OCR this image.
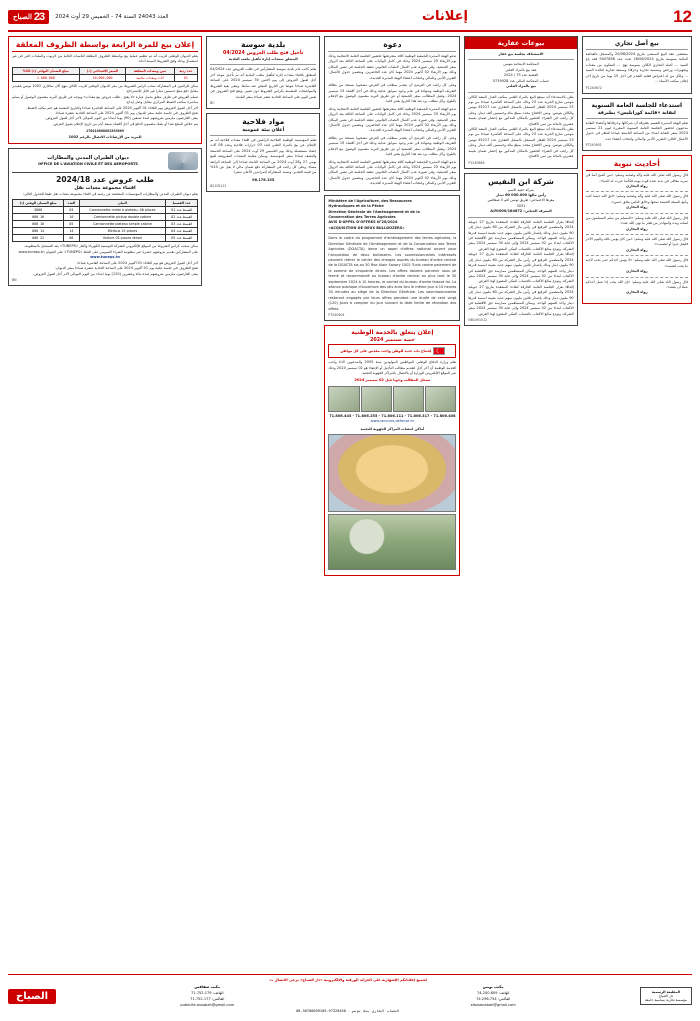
12
إعلانات
العدد 24043 السنة 74 - الخميس 29 أوت 2024
23
الصباح
بيع أصل تجاري
بمقتضى عقد البيع الممضى بتاريخ 20/08/2024 والمسجل بالقباضة المالية بسوسة بتاريخ 26/08/2024 تحت عدد 9007856 فقد باع السيد … أصله التجاري الكائن بسوسة نهج … المتكون من معدات وتجهيزات ورخص وتسمية تجارية وحرفاء وسمعة تجارية لفائدة السيد … ولكل من له اعتراض فعليه التقدم في أجل 15 يوما من تاريخ آخر إعلان بمكتب الأستاذ …
P1240672
استدعاء للجلسة العامة السنوية
لنقابة «قائمة كورابليس» بطبرقة
تعلم الهيئة المديرة للقسم بطبرقة أن شركائها وحرفاءها وأعضاء النقابة مدعوون لحضور الجلسة العامة السنوية المقررة ليوم 21 سبتمبر 2024 بمقر النقابة ابتداء من الساعة التاسعة صباحا للنظر في جدول الأعمال التالي: التقرير الأدبي والمالي وانتخاب أعضاء جدد.
PT240901
أحاديث نبوية
قال رسول الله صلى الله عليه وآله وصحبه وسلم: «من أصبح آمنا في سربه معافى في بدنه عنده قوت يومه فكأنما حيزت له الدنيا».
رواه البخاري
قال رسول الله صلى الله عليه وآله وصحبه وسلم: «اتق الله حيثما كنت وأتبع السيئة الحسنة تمحها وخالق الناس بخلق حسن».
رواه البخاري
قال رسول الله صلى الله عليه وسلم: «المسلم من سلم المسلمون من لسانه ويده والمهاجر من هجر ما نهى الله عنه».
رواه البخاري
قال رسول الله صلى الله عليه وسلم: «من كان يؤمن بالله واليوم الآخر فليقل خيرا أو ليصمت».
رواه البخاري
قال رسول الله صلى الله عليه وسلم: «لا يؤمن أحدكم حتى يحب لأخيه ما يحب لنفسه».
رواه البخاري
قال رسول الله صلى الله عليه وسلم: «إن الله يحب إذا عمل أحدكم عملا أن يتقنه».
رواه البخاري
بيوعات عقارية
الاستئناف بجلسة بيع عقار
المحكمة الابتدائية بتونس
عقد بيع بالمزاد العلني
القضية عدد 73 / 2024
حساب المحكمة المالي عدد 5739028
بيع بالمزاد العلني
يعلن بالاستدعاء أنه سيقع البيع بالمزاد العلني بمكتب العدل المنفذ الكائن بتونس شارع الحرية عدد 23 وذلك على الساعة العاشرة صباحا من يوم 23 سبتمبر 2024 للعقار المسجل بالسجل العقاري عدد 45217 تونس والكائن بتونس. وثمن الافتتاح محدد بمبلغ مائة وخمسين ألف دينار. وعلى كل راغب في الشراء الحضور بالمكان المذكور مع إحضار ضمان بقيمة عشرين بالمائة من ثمن الافتتاح.
يعلن بالاستدعاء أنه سيقع البيع بالمزاد العلني بمكتب العدل المنفذ الكائن بتونس شارع الحرية عدد 23 وذلك على الساعة العاشرة صباحا من يوم 23 سبتمبر 2024 للعقار المسجل بالسجل العقاري عدد 45217 تونس والكائن بتونس. وثمن الافتتاح محدد بمبلغ مائة وخمسين ألف دينار. وعلى كل راغب في الشراء الحضور بالمكان المذكور مع إحضار ضمان بقيمة عشرين بالمائة من ثمن الافتتاح.
P1240666
شركة ابن النفيس
شركة خفية الاسم
رأس مالها 000.000 60 دينار
مقرها الاجتماعي: طريق تونس كلم 4 صفاقس
3031
المعرف الجبائي: 184672/A/M/000
إلحاقا بقرار الجلسة العامة الخارقة للعادة المنعقدة بتاريخ 27 جويلية 2024 والمتضمن الترفيع في رأس مال الشركة من 60 مليون دينار إلى 90 مليون دينار وذلك بإصدار ثلاثين مليون سهم جديد بقيمة اسمية قدرها دينار واحد للسهم الواحد. ويمكن للمساهمين ممارسة حق الأفضلية في الاكتتاب ابتداء من 02 سبتمبر 2024 وإلى غاية 30 سبتمبر 2024 بمقر الشركة. وتودع مبالغ الاكتتاب بالحساب البنكي المفتوح لهذا الغرض.
إلحاقا بقرار الجلسة العامة الخارقة للعادة المنعقدة بتاريخ 27 جويلية 2024 والمتضمن الترفيع في رأس مال الشركة من 60 مليون دينار إلى 90 مليون دينار وذلك بإصدار ثلاثين مليون سهم جديد بقيمة اسمية قدرها دينار واحد للسهم الواحد. ويمكن للمساهمين ممارسة حق الأفضلية في الاكتتاب ابتداء من 02 سبتمبر 2024 وإلى غاية 30 سبتمبر 2024 بمقر الشركة. وتودع مبالغ الاكتتاب بالحساب البنكي المفتوح لهذا الغرض.
إلحاقا بقرار الجلسة العامة الخارقة للعادة المنعقدة بتاريخ 27 جويلية 2024 والمتضمن الترفيع في رأس مال الشركة من 60 مليون دينار إلى 90 مليون دينار وذلك بإصدار ثلاثين مليون سهم جديد بقيمة اسمية قدرها دينار واحد للسهم الواحد. ويمكن للمساهمين ممارسة حق الأفضلية في الاكتتاب ابتداء من 02 سبتمبر 2024 وإلى غاية 30 سبتمبر 2024 بمقر الشركة. وتودع مبالغ الاكتتاب بالحساب البنكي المفتوح لهذا الغرض.
NB1091012
دعوة
تدعو الهيئة المديرة للجمعية الوطنية كافة منخرطيها لحضور الجلسة العامة الانتخابية وذلك يوم الأربعاء 25 سبتمبر 2024 وذلك في كامل الولايات على الساعة الثالثة بعد الزوال بمقر الجمعية. وفي صورة عدم اكتمال النصاب القانوني تنعقد الجلسة في نفس المكان وذلك يوم الأربعاء 02 أكتوبر 2024 مهما كان عدد الحاضرين. ويتضمن جدول الأعمال: التقرير الأدبي والمالي وانتخاب أعضاء الهيئة المديرة الجديدة.
وعلى كل راغب في الترشح أن يتقدم بمطلب في الغرض مصحوبا بنسخة من بطاقة التعريف الوطنية وشهادة في عدم وجود سوابق عدلية وذلك في أجل أقصاه 15 سبتمبر 2024. وتقبل المطالب بمقر الجمعية أو عن طريق البريد مضمون الوصول مع الإعلام بالبلوغ. وكل مطلب يرد بعد هذا التاريخ يعتبر لاغيا.
تدعو الهيئة المديرة للجمعية الوطنية كافة منخرطيها لحضور الجلسة العامة الانتخابية وذلك يوم الأربعاء 25 سبتمبر 2024 وذلك في كامل الولايات على الساعة الثالثة بعد الزوال بمقر الجمعية. وفي صورة عدم اكتمال النصاب القانوني تنعقد الجلسة في نفس المكان وذلك يوم الأربعاء 02 أكتوبر 2024 مهما كان عدد الحاضرين. ويتضمن جدول الأعمال: التقرير الأدبي والمالي وانتخاب أعضاء الهيئة المديرة الجديدة.
وعلى كل راغب في الترشح أن يتقدم بمطلب في الغرض مصحوبا بنسخة من بطاقة التعريف الوطنية وشهادة في عدم وجود سوابق عدلية وذلك في أجل أقصاه 15 سبتمبر 2024. وتقبل المطالب بمقر الجمعية أو عن طريق البريد مضمون الوصول مع الإعلام بالبلوغ. وكل مطلب يرد بعد هذا التاريخ يعتبر لاغيا.
تدعو الهيئة المديرة للجمعية الوطنية كافة منخرطيها لحضور الجلسة العامة الانتخابية وذلك يوم الأربعاء 25 سبتمبر 2024 وذلك في كامل الولايات على الساعة الثالثة بعد الزوال بمقر الجمعية. وفي صورة عدم اكتمال النصاب القانوني تنعقد الجلسة في نفس المكان وذلك يوم الأربعاء 02 أكتوبر 2024 مهما كان عدد الحاضرين. ويتضمن جدول الأعمال: التقرير الأدبي والمالي وانتخاب أعضاء الهيئة المديرة الجديدة.
Ministère de l'Agriculture, des Ressources
Hydrauliques et de la Pêche
Direction Générale de l'Aménagement et de la
Conservation des Terres Agricoles
AVIS D'APPEL D'OFFRES N°26/2024
«ACQUISITION DE DEUX BULLDOZERS»
Dans le cadre du programme d'aménagement des terres agricoles, la Direction Générale de l'Aménagement et de la Conservation des Terres Agricoles (DGACTA) lance un appel d'offres national ouvert pour l'acquisition de deux bulldozers. Les soumissionnaires intéressés peuvent retirer le cahier des charges auprès du bureau d'ordre central de la DGACTA sis au 30 Rue Alain Savary 1002 Tunis contre paiement de la somme de cinquante dinars. Les offres doivent parvenir sous pli fermé et recommandé au bureau d'ordre central au plus tard le 30 septembre 2024 à 10 heures, le cachet du bureau d'ordre faisant foi. La séance publique d'ouverture des plis aura lieu le même jour à 10 heures 30 minutes au siège de la Direction Générale. Les soumissionnaires resteront engagés par leurs offres pendant une durée de cent vingt (120) jours à compter du jour suivant la date limite de réception des offres.
PT240904
إعلان يتعلق بالخدمة الوطنية
حصة سبتمبر 2024
☾ إفتتاح باب جديد للوطن واجب مقدس على كل مواطن
تعلم وزارة الدفاع الوطني المواطنين المولودين سنة 2005 والمدعوين لأداء واجب الخدمة الوطنية أن آخر أجل لتقديم مطالب التأجيل أو الإعفاء هو 02 سبتمبر 2024 وذلك عبر الموقع الإلكتروني للوزارة أو بالاتصال بالمراكز الجهوية للتجنيد.
تسجل المطالب وجوبا قبل 02 سبتمبر 2024
71.806.408 - 71.806.317 - 71.806.111 - 71.806.255 - 71.806.443
www.services.defense.tn
أماكن انتصاب المراكز الجهوية للتجنيد
بلدية سوسة
تأجيل فتح طلب العروض 04/2024
المتعلق بمعدات إنارة تأهيل ملعب البلدية
يعلم كاتب عام بلدية سوسة المشاركين في طلب العروض عدد 04/2024 المتعلق باقتناء معدات إنارة لتأهيل ملعب البلدية أنه تم تأجيل موعد آخر أجل لقبول العروض إلى يوم الاثنين 30 سبتمبر 2024 على الساعة العاشرة صباحا عوضا عن التاريخ المعلن عنه سابقا. وتبقى بقية الشروط والمواصفات المضمنة بكراس الشروط دون تغيير. ويقع فتح الضروف في نفس اليوم على الساعة الحادية عشر صباحا بمقر البلدية.
BC
مواد فلاحية
أعلان بيئة عمومية
تعلم المؤسسة الوطنية الفلاحية الراغبين في اقتناء معدات فلاحية أنه تم الإعلان عن بيع بالمزاد العلني لعدد 03 جرارات فلاحية وعدد 08 آلات حصاد مستعملة وذلك يوم الخميس 29 أوت 2024 على الساعة التاسعة والنصف صباحا بمقر المؤسسة. ويمكن معاينة المعدات المعروضة للبيع يومي 27 و28 أوت 2024 من الساعة الثامنة صباحا إلى الساعة الرابعة مساء. وعلى كل راغب في المشاركة دفع ضمان مالي لا يقل عن 10% من قيمة التقدير. وتسند المشاركة للمزايدين الأعلى سعرا.
98.178.155
B2105112
إعلان بيع للمرة الرابعة بواسطة الظروف المغلقة
يعلم الديوان الوطني للزيت أنه تم تنظيم عملية بيع بواسطة الظروف المغلقة للكميات التالية من الزيوت والمعدات التي في غير استعمال وذلك وفق الشروط المبينة أدناه.
عدد رتبة	ثمن ومعدات المعلقة	السعر الافتتاحي (د)	مبلغ الضمان النهائي (د) 10%
01	أثاث ومعدات مكتبية	10,000,000	1.000.000
يمكن للراغبين في المشاركة سحب كراس الشروط من مقر الديوان الوطني للزيت الكائن بنهج ألان سافاري 1002 تونس بلفيدير مقابل دفع مبلغ خمسين دينارا غير قابل للاسترجاع.
تسلم العروض في ظرف مغلق يحمل عبارة «لا يفتح - طلب عروض بيع معدات» ويوجه عن طريق البريد مضمون الوصول أو يسلم مباشرة بمكتب الضبط المركزي مقابل وصل إيداع.
آخر أجل لقبول العروض يوم الثلاثاء 01 أكتوبر 2024 على الساعة العاشرة صباحا والتاريخ المعتمد هو ختم مكتب الضبط.
تفتح الظروف في جلسة علنية بمقر الديوان يوم 01 أكتوبر 2024 على الساعة الحادية عشرة صباحا.
يبقى العارضون ملزمين بعروضهم لمدة تسعين (90) يوما ابتداء من اليوم الموالي لآخر أجل لقبول العروض.
يتم خلاص المبلغ نقدا أو بصك مضمون الدفع في أجل أقصاه سبعة أيام من تاريخ الإعلام بقبول العرض.
170010000002893669
للمزيد من الإرشادات الاتصال بالرقم 1002
ديوان الطيران المدني والمطارات
OFFICE DE L'AVIATION CIVILE ET DES AEROPORTS
طلب عروض عدد 2024/18
اقتناء مجموعة معدات نقل
يعلم ديوان الطيران المدني والمطارات المؤسسات المختصة عن رغبته في اقتناء مجموعة معدات نقل طبقا للجدول التالي:
عدد القسط	البيان	العدد	مبلغ الضمان الوقتي (د)
القسط عدد 01	Camionnette mixte à plateau, 06 places	03	3000
القسط عدد 02	Camionnette pickup double cabine	10	16 000
القسط عدد 03	Camionnette plateau simple cabine	05	10 000
القسط عدد 04	Minibus 15 places	14	14 000
القسط عدد 05	Voiture 05 places diesel	06	22 000
يمكن سحب كراس الشروط من الموقع الإلكتروني للشركة التونسية للكهرباء والغاز «TUNEPS» بعد التسجيل بالمنظومة.
على المشاركين تقديم عروضهم حصريا عبر منظومة الشراء العمومي على الخط «TUNEPS» على العنوان www.tuneps.tn
www.tuneps.tn
آخر أجل لقبول العروض هو يوم الثلاثاء 01 أكتوبر 2024 على الساعة العاشرة صباحا.
تفتح الظروف في جلسة علنية يوم 01 أكتوبر 2024 على الساعة الحادية عشرة صباحا بمقر الديوان.
يبقى العارضون ملزمين بعروضهم لمدة مائة وعشرين (120) يوما ابتداء من اليوم الموالي لآخر أجل لقبول العروض.
BN
المطبعة الرسمية
دار الصباح
مؤسسة تجارية سياسية جامعة
لجميع إعلاناتكم الإشهارية على الجرائد الورقية والإلكترونية «دار الصباح» يرجى الاتصال بـ:
مكتب تونس
الهاتف: 74.200.809
الفاكس: 74.296.754
sfaxsanabah@gmail.com
مكتب صفاقس
الهاتف: 71.752.179
الفاكس: 71.752.177
publicite.assabah@gmail.com
الحساب الجاري بنك تونس - 08.50700059109.97328450
الصباح
